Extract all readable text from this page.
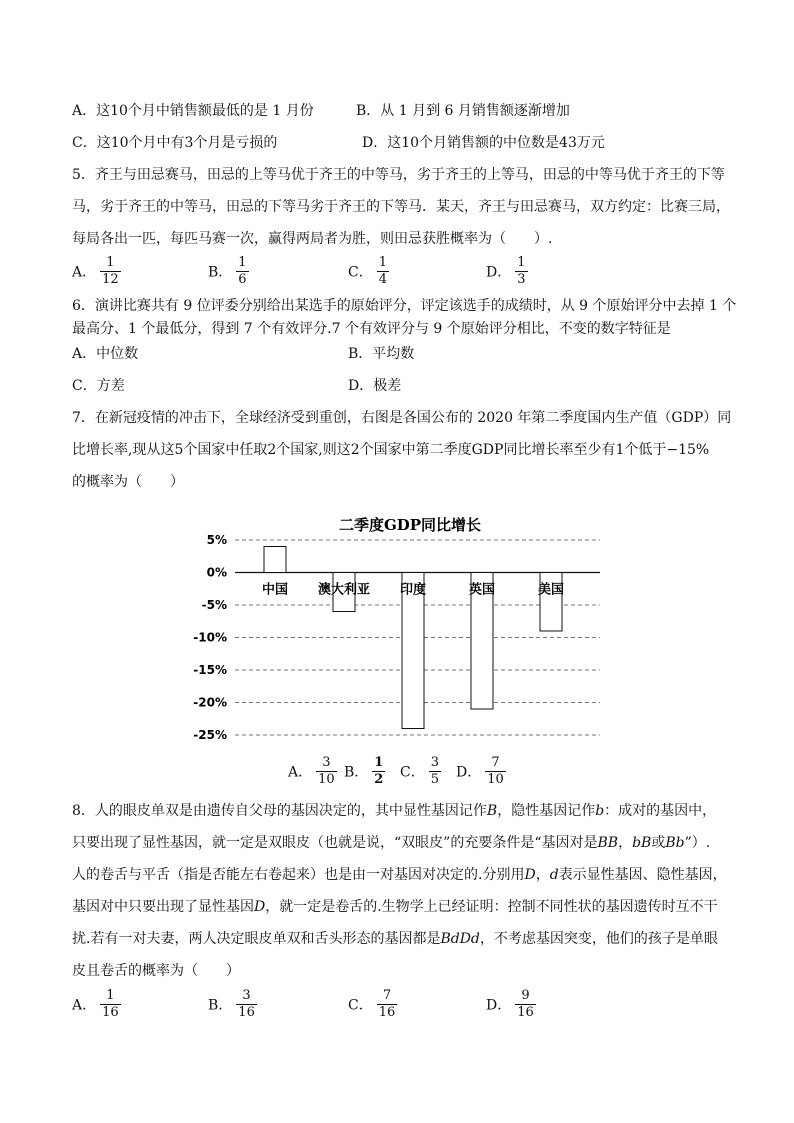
A．这10个月中销售额最低的是 1 月份	B．从 1 月到 6 月销售额逐渐增加
C．这10个月中有3个月是亏损的	D．这10个月销售额的中位数是43万元
5．齐王与田忌赛马，田忌的上等马优于齐王的中等马，劣于齐王的上等马，田忌的中等马优于齐王的下等
马，劣于齐王的中等马，田忌的下等马劣于齐王的下等马．某天，齐王与田忌赛马，双方约定：比赛三局，
每局各出一匹，每匹马赛一次，赢得两局者为胜，则田忌获胜概率为（　　）.
A． $\frac{1}{12}$	B． $\frac{1}{6}$	C． $\frac{1}{4}$	D． $\frac{1}{3}$
6．演讲比赛共有 9 位评委分别给出某选手的原始评分，评定该选手的成绩时，从 9 个原始评分中去掉 1 个
最高分、1 个最低分，得到 7 个有效评分.7 个有效评分与 9 个原始评分相比，不变的数字特征是
A．中位数	B．平均数
C．方差	D．极差
7．在新冠疫情的冲击下，全球经济受到重创，右图是各国公布的 2020 年第二季度国内生产值（GDP）同
比增长率,现从这5个国家中任取2个国家,则这2个国家中第二季度GDP同比增长率至少有1个低于−15%
的概率为（　　）
二季度GDP同比增长
5%
0%
-5%
-10%
-15%
-20%
-25%
中国 澳大利亚 印度	英国	美国
A． $\frac{3}{10}$ B． $\frac{1}{2}$ C． $\frac{3}{5}$ D． $\frac{7}{10}$
8．人的眼皮单双是由遗传自父母的基因决定的，其中显性基因记作B，隐性基因记作b：成对的基因中，
只要出现了显性基因，就一定是双眼皮（也就是说，“双眼皮”的充要条件是“基因对是BB，bB或Bb”）.
人的卷舌与平舌（指是否能左右卷起来）也是由一对基因对决定的.分别用D，d表示显性基因、隐性基因，
基因对中只要出现了显性基因D，就一定是卷舌的.生物学上已经证明：控制不同性状的基因遗传时互不干
扰.若有一对夫妻，两人决定眼皮单双和舌头形态的基因都是BdDd，不考虑基因突变，他们的孩子是单眼
皮且卷舌的概率为（　　）
A． $\frac{1}{16}$	B． $\frac{3}{16}$	C． $\frac{7}{16}$	D． $\frac{9}{16}$
